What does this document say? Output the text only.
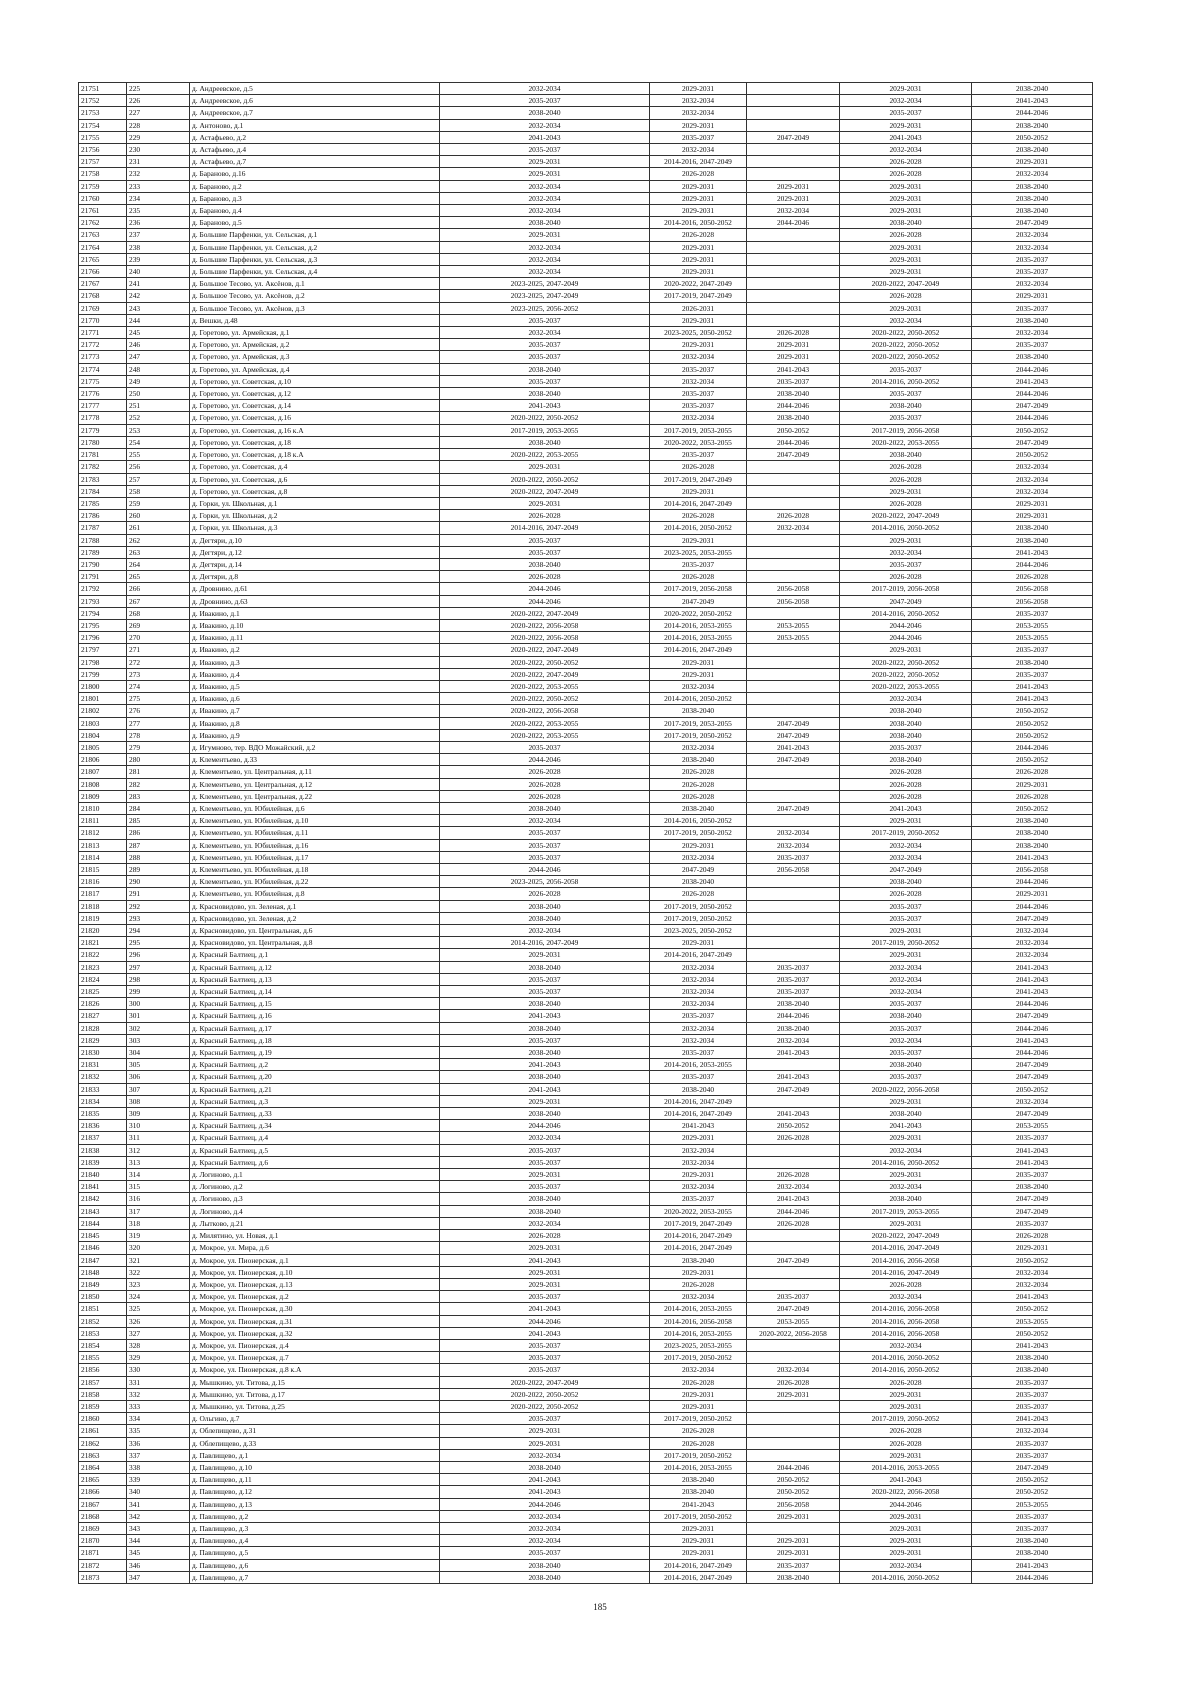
21751	225	д. Андреевское, д.5	2032-2034	2029-2031		2029-2031	2038-2040
21752	226	д. Андреевское, д.6	2035-2037	2032-2034		2032-2034	2041-2043
21753	227	д. Андреевское, д.7	2038-2040	2032-2034		2035-2037	2044-2046
21754	228	д. Антоново, д.1	2032-2034	2029-2031		2029-2031	2038-2040
21755	229	д. Астафьево, д.2	2041-2043	2035-2037	2047-2049	2041-2043	2050-2052
21756	230	д. Астафьево, д.4	2035-2037	2032-2034		2032-2034	2038-2040
21757	231	д. Астафьево, д.7	2029-2031	2014-2016, 2047-2049		2026-2028	2029-2031
21758	232	д. Бараново, д.16	2029-2031	2026-2028		2026-2028	2032-2034
21759	233	д. Бараново, д.2	2032-2034	2029-2031	2029-2031	2029-2031	2038-2040
21760	234	д. Бараново, д.3	2032-2034	2029-2031	2029-2031	2029-2031	2038-2040
21761	235	д. Бараново, д.4	2032-2034	2029-2031	2032-2034	2029-2031	2038-2040
21762	236	д. Бараново, д.5	2038-2040	2014-2016, 2050-2052	2044-2046	2038-2040	2047-2049
21763	237	д. Большие Парфенки, ул. Сельская, д.1	2029-2031	2026-2028		2026-2028	2032-2034
21764	238	д. Большие Парфенки, ул. Сельская, д.2	2032-2034	2029-2031		2029-2031	2032-2034
21765	239	д. Большие Парфенки, ул. Сельская, д.3	2032-2034	2029-2031		2029-2031	2035-2037
21766	240	д. Большие Парфенки, ул. Сельская, д.4	2032-2034	2029-2031		2029-2031	2035-2037
21767	241	д. Большое Тесово, ул. Аксёнов, д.1	2023-2025, 2047-2049	2020-2022, 2047-2049		2020-2022, 2047-2049	2032-2034
21768	242	д. Большое Тесово, ул. Аксёнов, д.2	2023-2025, 2047-2049	2017-2019, 2047-2049		2026-2028	2029-2031
21769	243	д. Большое Тесово, ул. Аксёнов, д.3	2023-2025, 2056-2052	2026-2031		2029-2031	2035-2037
21770	244	д. Вешки, д.48	2035-2037	2029-2031		2032-2034	2038-2040
21771	245	д. Горетово, ул. Армейская, д.1	2032-2034	2023-2025, 2050-2052	2026-2028	2020-2022, 2050-2052	2032-2034
21772	246	д. Горетово, ул. Армейская, д.2	2035-2037	2029-2031	2029-2031	2020-2022, 2050-2052	2035-2037
21773	247	д. Горетово, ул. Армейская, д.3	2035-2037	2032-2034	2029-2031	2020-2022, 2050-2052	2038-2040
21774	248	д. Горетово, ул. Армейская, д.4	2038-2040	2035-2037	2041-2043	2035-2037	2044-2046
21775	249	д. Горетово, ул. Советская, д.10	2035-2037	2032-2034	2035-2037	2014-2016, 2050-2052	2041-2043
21776	250	д. Горетово, ул. Советская, д.12	2038-2040	2035-2037	2038-2040	2035-2037	2044-2046
21777	251	д. Горетово, ул. Советская, д.14	2041-2043	2035-2037	2044-2046	2038-2040	2047-2049
21778	252	д. Горетово, ул. Советская, д.16	2020-2022, 2050-2052	2032-2034	2038-2040	2035-2037	2044-2046
21779	253	д. Горетово, ул. Советская, д.16 к.А	2017-2019, 2053-2055	2017-2019, 2053-2055	2050-2052	2017-2019, 2056-2058	2050-2052
21780	254	д. Горетово, ул. Советская, д.18	2038-2040	2020-2022, 2053-2055	2044-2046	2020-2022, 2053-2055	2047-2049
21781	255	д. Горетово, ул. Советская, д.18 к.А	2020-2022, 2053-2055	2035-2037	2047-2049	2038-2040	2050-2052
21782	256	д. Горетово, ул. Советская, д.4	2029-2031	2026-2028		2026-2028	2032-2034
21783	257	д. Горетово, ул. Советская, д.6	2020-2022, 2050-2052	2017-2019, 2047-2049		2026-2028	2032-2034
21784	258	д. Горетово, ул. Советская, д.8	2020-2022, 2047-2049	2029-2031		2029-2031	2032-2034
21785	259	д. Горки, ул. Школьная, д.1	2029-2031	2014-2016, 2047-2049		2026-2028	2029-2031
21786	260	д. Горки, ул. Школьная, д.2	2026-2028	2026-2028	2026-2028	2020-2022, 2047-2049	2029-2031
21787	261	д. Горки, ул. Школьная, д.3	2014-2016, 2047-2049	2014-2016, 2050-2052	2032-2034	2014-2016, 2050-2052	2038-2040
21788	262	д. Дегтяри, д.10	2035-2037	2029-2031		2029-2031	2038-2040
21789	263	д. Дегтяри, д.12	2035-2037	2023-2025, 2053-2055		2032-2034	2041-2043
21790	264	д. Дегтяри, д.14	2038-2040	2035-2037		2035-2037	2044-2046
21791	265	д. Дегтяри, д.8	2026-2028	2026-2028		2026-2028	2026-2028
21792	266	д. Дровнино, д.61	2044-2046	2017-2019, 2056-2058	2056-2058	2017-2019, 2056-2058	2056-2058
21793	267	д. Дровнино, д.63	2044-2046	2047-2049	2056-2058	2047-2049	2056-2058
21794	268	д. Ивакино, д.1	2020-2022, 2047-2049	2020-2022, 2050-2052		2014-2016, 2050-2052	2035-2037
21795	269	д. Ивакино, д.10	2020-2022, 2056-2058	2014-2016, 2053-2055	2053-2055	2044-2046	2053-2055
21796	270	д. Ивакино, д.11	2020-2022, 2056-2058	2014-2016, 2053-2055	2053-2055	2044-2046	2053-2055
21797	271	д. Ивакино, д.2	2020-2022, 2047-2049	2014-2016, 2047-2049		2029-2031	2035-2037
21798	272	д. Ивакино, д.3	2020-2022, 2050-2052	2029-2031		2020-2022, 2050-2052	2038-2040
21799	273	д. Ивакино, д.4	2020-2022, 2047-2049	2029-2031		2020-2022, 2050-2052	2035-2037
21800	274	д. Ивакино, д.5	2020-2022, 2053-2055	2032-2034		2020-2022, 2053-2055	2041-2043
21801	275	д. Ивакино, д.6	2020-2022, 2050-2052	2014-2016, 2050-2052		2032-2034	2041-2043
21802	276	д. Ивакино, д.7	2020-2022, 2056-2058	2038-2040		2038-2040	2050-2052
21803	277	д. Ивакино, д.8	2020-2022, 2053-2055	2017-2019, 2053-2055	2047-2049	2038-2040	2050-2052
21804	278	д. Ивакино, д.9	2020-2022, 2053-2055	2017-2019, 2050-2052	2047-2049	2038-2040	2050-2052
21805	279	д. Игумново, тер. ВДО Можайский, д.2	2035-2037	2032-2034	2041-2043	2035-2037	2044-2046
21806	280	д. Клементьево, д.33	2044-2046	2038-2040	2047-2049	2038-2040	2050-2052
21807	281	д. Клементьево, ул. Центральная, д.11	2026-2028	2026-2028		2026-2028	2026-2028
21808	282	д. Клементьево, ул. Центральная, д.12	2026-2028	2026-2028		2026-2028	2029-2031
21809	283	д. Клементьево, ул. Центральная, д.22	2026-2028	2026-2028		2026-2028	2026-2028
21810	284	д. Клементьево, ул. Юбилейная, д.6	2038-2040	2038-2040	2047-2049	2041-2043	2050-2052
21811	285	д. Клементьево, ул. Юбилейная, д.10	2032-2034	2014-2016, 2050-2052		2029-2031	2038-2040
21812	286	д. Клементьево, ул. Юбилейная, д.11	2035-2037	2017-2019, 2050-2052	2032-2034	2017-2019, 2050-2052	2038-2040
21813	287	д. Клементьево, ул. Юбилейная, д.16	2035-2037	2029-2031	2032-2034	2032-2034	2038-2040
21814	288	д. Клементьево, ул. Юбилейная, д.17	2035-2037	2032-2034	2035-2037	2032-2034	2041-2043
21815	289	д. Клементьево, ул. Юбилейная, д.18	2044-2046	2047-2049	2056-2058	2047-2049	2056-2058
21816	290	д. Клементьево, ул. Юбилейная, д.22	2023-2025, 2056-2058	2038-2040		2038-2040	2044-2046
21817	291	д. Клементьево, ул. Юбилейная, д.8	2026-2028	2026-2028		2026-2028	2029-2031
21818	292	д. Красновидово, ул. Зеленая, д.1	2038-2040	2017-2019, 2050-2052		2035-2037	2044-2046
21819	293	д. Красновидово, ул. Зеленая, д.2	2038-2040	2017-2019, 2050-2052		2035-2037	2047-2049
21820	294	д. Красновидово, ул. Центральная, д.6	2032-2034	2023-2025, 2050-2052		2029-2031	2032-2034
21821	295	д. Красновидово, ул. Центральная, д.8	2014-2016, 2047-2049	2029-2031		2017-2019, 2050-2052	2032-2034
21822	296	д. Красный Балтиец, д.1	2029-2031	2014-2016, 2047-2049		2029-2031	2032-2034
21823	297	д. Красный Балтиец, д.12	2038-2040	2032-2034	2035-2037	2032-2034	2041-2043
21824	298	д. Красный Балтиец, д.13	2035-2037	2032-2034	2035-2037	2032-2034	2041-2043
21825	299	д. Красный Балтиец, д.14	2035-2037	2032-2034	2035-2037	2032-2034	2041-2043
21826	300	д. Красный Балтиец, д.15	2038-2040	2032-2034	2038-2040	2035-2037	2044-2046
21827	301	д. Красный Балтиец, д.16	2041-2043	2035-2037	2044-2046	2038-2040	2047-2049
21828	302	д. Красный Балтиец, д.17	2038-2040	2032-2034	2038-2040	2035-2037	2044-2046
21829	303	д. Красный Балтиец, д.18	2035-2037	2032-2034	2032-2034	2032-2034	2041-2043
21830	304	д. Красный Балтиец, д.19	2038-2040	2035-2037	2041-2043	2035-2037	2044-2046
21831	305	д. Красный Балтиец, д.2	2041-2043	2014-2016, 2053-2055		2038-2040	2047-2049
21832	306	д. Красный Балтиец, д.20	2038-2040	2035-2037	2041-2043	2035-2037	2047-2049
21833	307	д. Красный Балтиец, д.21	2041-2043	2038-2040	2047-2049	2020-2022, 2056-2058	2050-2052
21834	308	д. Красный Балтиец, д.3	2029-2031	2014-2016, 2047-2049		2029-2031	2032-2034
21835	309	д. Красный Балтиец, д.33	2038-2040	2014-2016, 2047-2049	2041-2043	2038-2040	2047-2049
21836	310	д. Красный Балтиец, д.34	2044-2046	2041-2043	2050-2052	2041-2043	2053-2055
21837	311	д. Красный Балтиец, д.4	2032-2034	2029-2031	2026-2028	2029-2031	2035-2037
21838	312	д. Красный Балтиец, д.5	2035-2037	2032-2034		2032-2034	2041-2043
21839	313	д. Красный Балтиец, д.6	2035-2037	2032-2034		2014-2016, 2050-2052	2041-2043
21840	314	д. Логиново, д.1	2029-2031	2029-2031	2026-2028	2029-2031	2035-2037
21841	315	д. Логиново, д.2	2035-2037	2032-2034	2032-2034	2032-2034	2038-2040
21842	316	д. Логиново, д.3	2038-2040	2035-2037	2041-2043	2038-2040	2047-2049
21843	317	д. Логиново, д.4	2038-2040	2020-2022, 2053-2055	2044-2046	2017-2019, 2053-2055	2047-2049
21844	318	д. Лытково, д.21	2032-2034	2017-2019, 2047-2049	2026-2028	2029-2031	2035-2037
21845	319	д. Милятино, ул. Новая, д.1	2026-2028	2014-2016, 2047-2049		2020-2022, 2047-2049	2026-2028
21846	320	д. Мокрое, ул. Мира, д.6	2029-2031	2014-2016, 2047-2049		2014-2016, 2047-2049	2029-2031
21847	321	д. Мокрое, ул. Пионерская, д.1	2041-2043	2038-2040	2047-2049	2014-2016, 2056-2058	2050-2052
21848	322	д. Мокрое, ул. Пионерская, д.10	2029-2031	2029-2031		2014-2016, 2047-2049	2032-2034
21849	323	д. Мокрое, ул. Пионерская, д.13	2029-2031	2026-2028		2026-2028	2032-2034
21850	324	д. Мокрое, ул. Пионерская, д.2	2035-2037	2032-2034	2035-2037	2032-2034	2041-2043
21851	325	д. Мокрое, ул. Пионерская, д.30	2041-2043	2014-2016, 2053-2055	2047-2049	2014-2016, 2056-2058	2050-2052
21852	326	д. Мокрое, ул. Пионерская, д.31	2044-2046	2014-2016, 2056-2058	2053-2055	2014-2016, 2056-2058	2053-2055
21853	327	д. Мокрое, ул. Пионерская, д.32	2041-2043	2014-2016, 2053-2055	2020-2022, 2056-2058	2014-2016, 2056-2058	2050-2052
21854	328	д. Мокрое, ул. Пионерская, д.4	2035-2037	2023-2025, 2053-2055		2032-2034	2041-2043
21855	329	д. Мокрое, ул. Пионерская, д.7	2035-2037	2017-2019, 2050-2052		2014-2016, 2050-2052	2038-2040
21856	330	д. Мокрое, ул. Пионерская, д.8 к.А	2035-2037	2032-2034	2032-2034	2014-2016, 2050-2052	2038-2040
21857	331	д. Мышкино, ул. Титова, д.15	2020-2022, 2047-2049	2026-2028	2026-2028	2026-2028	2035-2037
21858	332	д. Мышкино, ул. Титова, д.17	2020-2022, 2050-2052	2029-2031	2029-2031	2029-2031	2035-2037
21859	333	д. Мышкино, ул. Титова, д.25	2020-2022, 2050-2052	2029-2031		2029-2031	2035-2037
21860	334	д. Ольгино, д.7	2035-2037	2017-2019, 2050-2052		2017-2019, 2050-2052	2041-2043
21861	335	д. Облепищево, д.31	2029-2031	2026-2028		2026-2028	2032-2034
21862	336	д. Облепищево, д.33	2029-2031	2026-2028		2026-2028	2035-2037
21863	337	д. Павлищево, д.1	2032-2034	2017-2019, 2050-2052		2029-2031	2035-2037
21864	338	д. Павлищево, д.10	2038-2040	2014-2016, 2053-2055	2044-2046	2014-2016, 2053-2055	2047-2049
21865	339	д. Павлищево, д.11	2041-2043	2038-2040	2050-2052	2041-2043	2050-2052
21866	340	д. Павлищево, д.12	2041-2043	2038-2040	2050-2052	2020-2022, 2056-2058	2050-2052
21867	341	д. Павлищево, д.13	2044-2046	2041-2043	2056-2058	2044-2046	2053-2055
21868	342	д. Павлищево, д.2	2032-2034	2017-2019, 2050-2052	2029-2031	2029-2031	2035-2037
21869	343	д. Павлищево, д.3	2032-2034	2029-2031		2029-2031	2035-2037
21870	344	д. Павлищево, д.4	2032-2034	2029-2031	2029-2031	2029-2031	2038-2040
21871	345	д. Павлищево, д.5	2035-2037	2029-2031	2029-2031	2029-2031	2038-2040
21872	346	д. Павлищево, д.6	2038-2040	2014-2016, 2047-2049	2035-2037	2032-2034	2041-2043
21873	347	д. Павлищево, д.7	2038-2040	2014-2016, 2047-2049	2038-2040	2014-2016, 2050-2052	2044-2046
185
